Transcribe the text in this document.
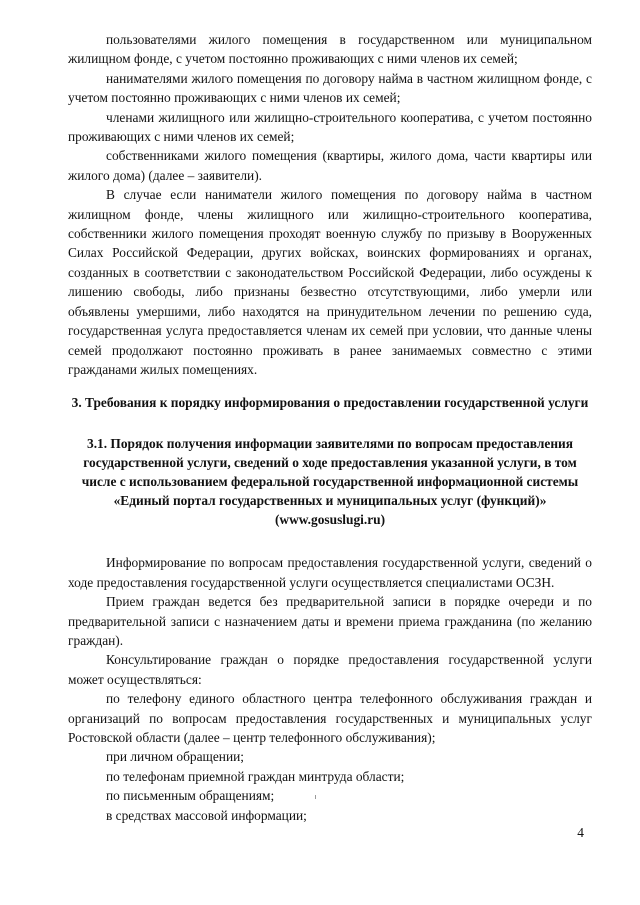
пользователями жилого помещения в государственном или муниципальном жилищном фонде, с учетом постоянно проживающих с ними членов их семей;

нанимателями жилого помещения по договору найма в частном жилищном фонде, с учетом постоянно проживающих с ними членов их семей;

членами жилищного или жилищно-строительного кооператива, с учетом постоянно проживающих с ними членов их семей;

собственниками жилого помещения (квартиры, жилого дома, части квартиры или жилого дома) (далее – заявители).

В случае если наниматели жилого помещения по договору найма в частном жилищном фонде, члены жилищного или жилищно-строительного кооператива, собственники жилого помещения проходят военную службу по призыву в Вооруженных Силах Российской Федерации, других войсках, воинских формированиях и органах, созданных в соответствии с законодательством Российской Федерации, либо осуждены к лишению свободы, либо признаны безвестно отсутствующими, либо умерли или объявлены умершими, либо находятся на принудительном лечении по решению суда, государственная услуга предоставляется членам их семей при условии, что данные члены семей продолжают постоянно проживать в ранее занимаемых совместно с этими гражданами жилых помещениях.

3. Требования к порядку информирования о предоставлении государственной услуги

3.1. Порядок получения информации заявителями по вопросам предоставления государственной услуги, сведений о ходе предоставления указанной услуги, в том числе с использованием федеральной государственной информационной системы «Единый портал государственных и муниципальных услуг (функций)» (www.gosuslugi.ru)

Информирование по вопросам предоставления государственной услуги, сведений о ходе предоставления государственной услуги осуществляется специалистами ОСЗН.

Прием граждан ведется без предварительной записи в порядке очереди и по предварительной записи с назначением даты и времени приема гражданина (по желанию граждан).

Консультирование граждан о порядке предоставления государственной услуги может осуществляться:

по телефону единого областного центра телефонного обслуживания граждан и организаций по вопросам предоставления государственных и муниципальных услуг Ростовской области (далее – центр телефонного обслуживания);

при личном обращении;

по телефонам приемной граждан минтруда области;

по письменным обращениям;

в средствах массовой информации;

4
